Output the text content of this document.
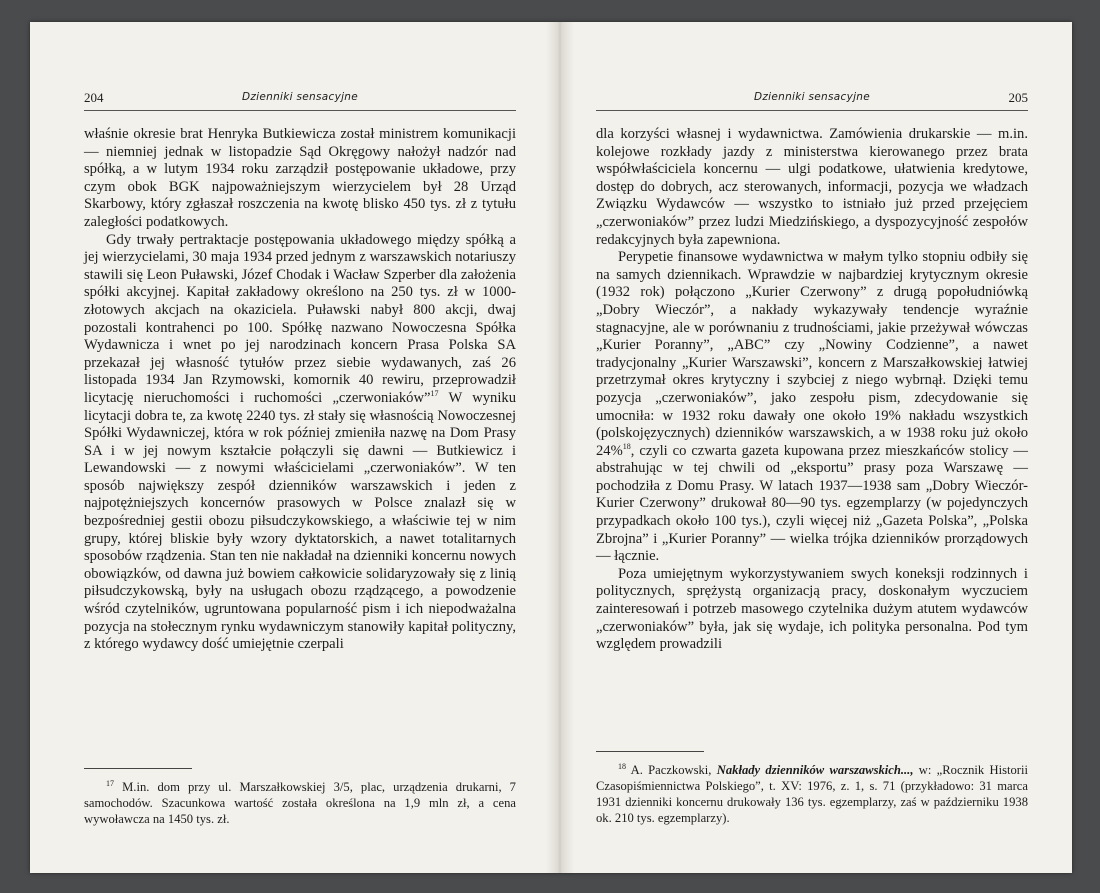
204	Dzienniki sensacyjne

właśnie okresie brat Henryka Butkiewicza został ministrem komunikacji — niemniej jednak w listopadzie Sąd Okręgowy nałożył nadzór nad spółką, a w lutym 1934 roku zarządził postępowanie układowe, przy czym obok BGK najpoważniejszym wierzycielem był 28 Urząd Skarbowy, który zgłaszał roszczenia na kwotę blisko 450 tys. zł z tytułu zaległości podatkowych.

Gdy trwały pertraktacje postępowania układowego między spółką a jej wierzycielami, 30 maja 1934 przed jednym z warszawskich notariuszy stawili się Leon Puławski, Józef Chodak i Wacław Szperber dla założenia spółki akcyjnej. Kapitał zakładowy określono na 250 tys. zł w 1000-złotowych akcjach na okaziciela. Puławski nabył 800 akcji, dwaj pozostali kontrahenci po 100. Spółkę nazwano Nowoczesna Spółka Wydawnicza i wnet po jej narodzinach koncern Prasa Polska SA przekazał jej własność tytułów przez siebie wydawanych, zaś 26 listopada 1934 Jan Rzymowski, komornik 40 rewiru, przeprowadził licytację nieruchomości i ruchomości „czerwoniaków”$^{17}$ W wyniku licytacji dobra te, za kwotę 2240 tys. zł stały się własnością Nowoczesnej Spółki Wydawniczej, która w rok później zmieniła nazwę na Dom Prasy SA i w jej nowym kształcie połączyli się dawni — Butkiewicz i Lewandowski — z nowymi właścicielami „czerwoniaków”. W ten sposób największy zespół dzienników warszawskich i jeden z najpotężniejszych koncernów prasowych w Polsce znalazł się w bezpośredniej gestii obozu piłsudczykowskiego, a właściwie tej w nim grupy, której bliskie były wzory dyktatorskich, a nawet totalitarnych sposobów rządzenia. Stan ten nie nakładał na dzienniki koncernu nowych obowiązków, od dawna już bowiem całkowicie solidaryzowały się z linią piłsudczykowską, były na usługach obozu rządzącego, a powodzenie wśród czytelników, ugruntowana popularność pism i ich niepodważalna pozycja na stołecznym rynku wydawniczym stanowiły kapitał polityczny, z którego wydawcy dość umiejętnie czerpali

$^{17}$ M.in. dom przy ul. Marszałkowskiej 3/5, plac, urządzenia drukarni, 7 samochodów. Szacunkowa wartość została określona na 1,9 mln zł, a cena wywoławcza na 1450 tys. zł.

Dzienniki sensacyjne	205

dla korzyści własnej i wydawnictwa. Zamówienia drukarskie — m.in. kolejowe rozkłady jazdy z ministerstwa kierowanego przez brata współwłaściciela koncernu — ulgi podatkowe, ułatwienia kredytowe, dostęp do dobrych, acz sterowanych, informacji, pozycja we władzach Związku Wydawców — wszystko to istniało już przed przejęciem „czerwoniaków” przez ludzi Miedzińskiego, a dyspozycyjność zespołów redakcyjnych była zapewniona.

Perypetie finansowe wydawnictwa w małym tylko stopniu odbiły się na samych dziennikach. Wprawdzie w najbardziej krytycznym okresie (1932 rok) połączono „Kurier Czerwony” z drugą popołudniówką „Dobry Wieczór”, a nakłady wykazywały tendencje wyraźnie stagnacyjne, ale w porównaniu z trudnościami, jakie przeżywał wówczas „Kurier Poranny”, „ABC” czy „Nowiny Codzienne”, a nawet tradycjonalny „Kurier Warszawski”, koncern z Marszałkowskiej łatwiej przetrzymał okres krytyczny i szybciej z niego wybrnął. Dzięki temu pozycja „czerwoniaków”, jako zespołu pism, zdecydowanie się umocniła: w 1932 roku dawały one około 19% nakładu wszystkich (polskojęzycznych) dzienników warszawskich, a w 1938 roku już około 24%$^{18}$, czyli co czwarta gazeta kupowana przez mieszkańców stolicy — abstrahując w tej chwili od „eksportu” prasy poza Warszawę — pochodziła z Domu Prasy. W latach 1937—1938 sam „Dobry Wieczór-Kurier Czerwony” drukował 80—90 tys. egzemplarzy (w pojedynczych przypadkach około 100 tys.), czyli więcej niż „Gazeta Polska”, „Polska Zbrojna” i „Kurier Poranny” — wielka trójka dzienników prorządowych — łącznie.

Poza umiejętnym wykorzystywaniem swych koneksji rodzinnych i politycznych, sprężystą organizacją pracy, doskonałym wyczuciem zainteresowań i potrzeb masowego czytelnika dużym atutem wydawców „czerwoniaków” była, jak się wydaje, ich polityka personalna. Pod tym względem prowadzili

$^{18}$ A. Paczkowski, Nakłady dzienników warszawskich..., w: „Rocznik Historii Czasopiśmiennictwa Polskiego”, t. XV: 1976, z. 1, s. 71 (przykładowo: 31 marca 1931 dzienniki koncernu drukowały 136 tys. egzemplarzy, zaś w październiku 1938 ok. 210 tys. egzemplarzy).
